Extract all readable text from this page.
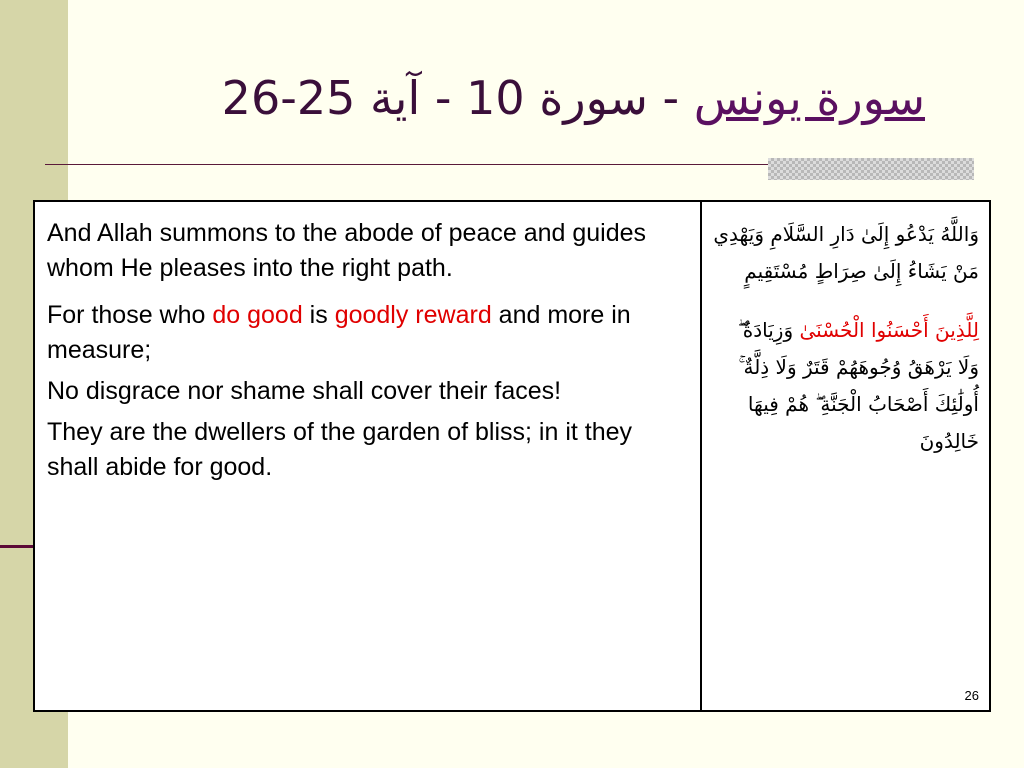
سورة يونس - سورة 10 - آية 25-26

And Allah summons to the abode of peace and guides whom He pleases into the right path.

For those who do good is goodly reward and more in measure;

No disgrace nor shame shall cover their faces!

They are the dwellers of the garden of bliss; in it they shall abide for good.

وَاللَّهُ يَدْعُو إِلَىٰ دَارِ السَّلَامِ وَيَهْدِي مَنْ يَشَاءُ إِلَىٰ صِرَاطٍ مُسْتَقِيمٍ

لِلَّذِينَ أَحْسَنُوا الْحُسْنَىٰ وَزِيَادَةٌ ۖ وَلَا يَرْهَقُ وُجُوهَهُمْ قَتَرٌ وَلَا ذِلَّةٌ ۚ أُولَٰئِكَ أَصْحَابُ الْجَنَّةِ ۖ هُمْ فِيهَا خَالِدُونَ

26
